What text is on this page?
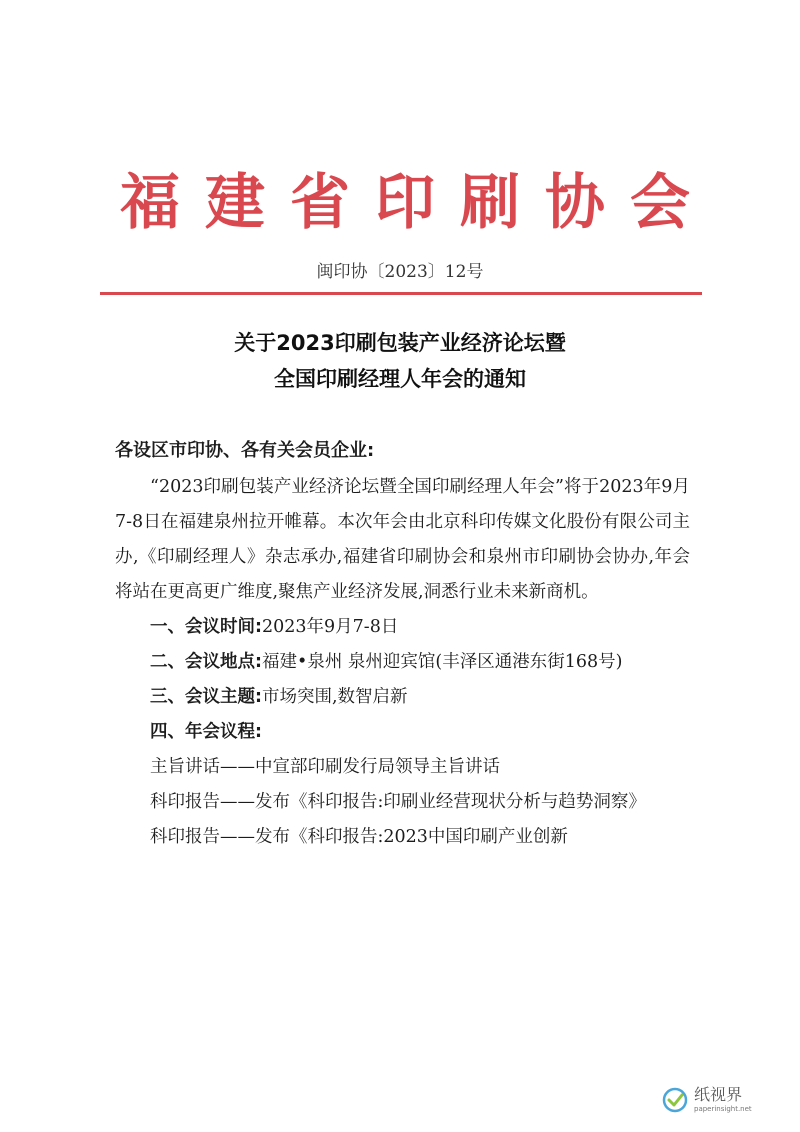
福 建 省 印 刷 协 会
闽印协〔2023〕12号
关于2023印刷包装产业经济论坛暨
全国印刷经理人年会的通知

各设区市印协、各有关会员企业:

“2023印刷包装产业经济论坛暨全国印刷经理人年会”将于2023年9月7-8日在福建泉州拉开帷幕。本次年会由北京科印传媒文化股份有限公司主办,《印刷经理人》杂志承办,福建省印刷协会和泉州市印刷协会协办,年会将站在更高更广维度,聚焦产业经济发展,洞悉行业未来新商机。

一、会议时间:2023年9月7-8日

二、会议地点:福建•泉州 泉州迎宾馆(丰泽区通港东街168号)

三、会议主题:市场突围,数智启新

四、年会议程:

主旨讲话——中宣部印刷发行局领导主旨讲话

科印报告——发布《科印报告:印刷业经营现状分析与趋势洞察》

科印报告——发布《科印报告:2023中国印刷产业创新

纸视界
paperinsight.net
